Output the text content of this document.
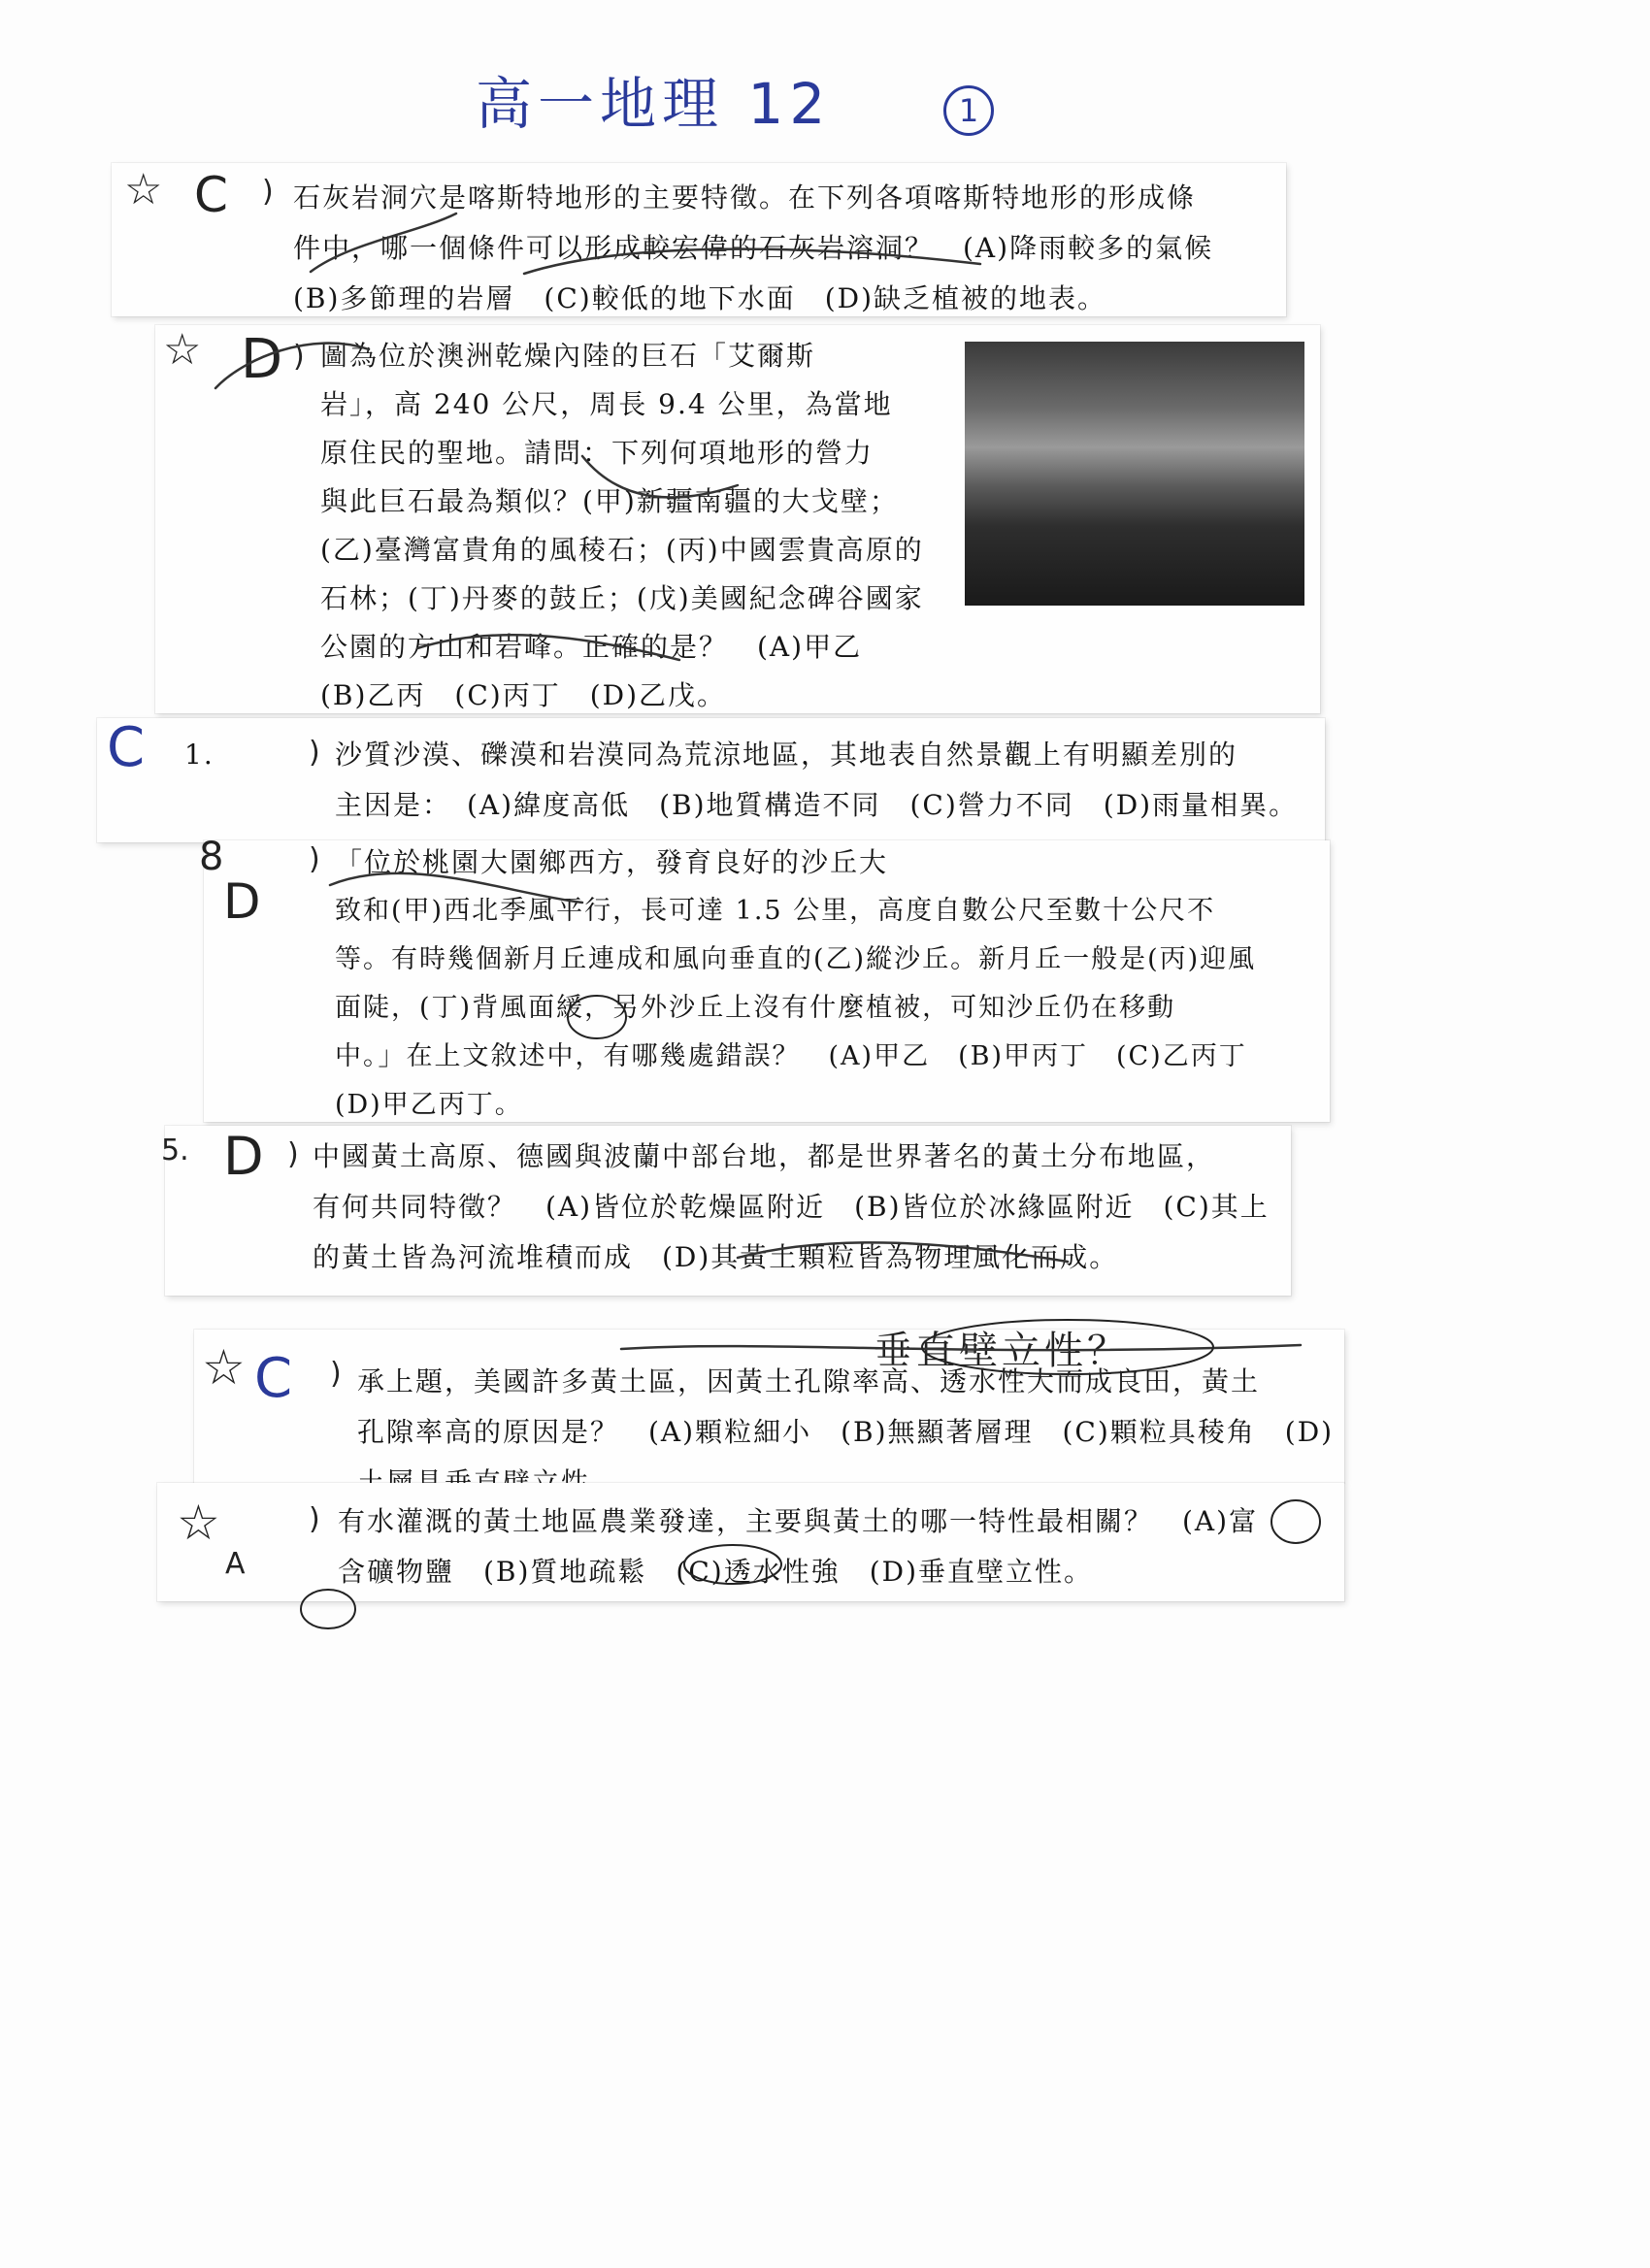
高一地理 12	1
☆ C ) 石灰岩洞穴是喀斯特地形的主要特徵。在下列各項喀斯特地形的形成條
件中，哪一個條件可以形成較宏偉的石灰岩溶洞？　(A)降雨較多的氣候
(B)多節理的岩層　(C)較低的地下水面　(D)缺乏植被的地表。
☆ D ) 圖為位於澳洲乾燥內陸的巨石「艾爾斯
岩」，高 240 公尺，周長 9.4 公里，為當地
原住民的聖地。請問：下列何項地形的營力
與此巨石最為類似？(甲)新疆南疆的大戈壁；
(乙)臺灣富貴角的風稜石；(丙)中國雲貴高原的
石林；(丁)丹麥的鼓丘；(戊)美國紀念碑谷國家
公園的方山和岩峰。正確的是？　(A)甲乙
(B)乙丙　(C)丙丁　(D)乙戊。
C 1.	) 沙質沙漠、礫漠和岩漠同為荒涼地區，其地表自然景觀上有明顯差別的
主因是：　(A)緯度高低　(B)地質構造不同　(C)營力不同　(D)雨量相異。
8
D
) 「位於桃園大園鄉西方，發育良好的沙丘大
致和(甲)西北季風平行，長可達 1.5 公里，高度自數公尺至數十公尺不
等。有時幾個新月丘連成和風向垂直的(乙)縱沙丘。新月丘一般是(丙)迎風
面陡，(丁)背風面緩，另外沙丘上沒有什麼植被，可知沙丘仍在移動
中。」在上文敘述中，有哪幾處錯誤？　(A)甲乙　(B)甲丙丁　(C)乙丙丁
(D)甲乙丙丁。
5. D ) 中國黃土高原、德國與波蘭中部台地，都是世界著名的黃土分布地區，
有何共同特徵？　(A)皆位於乾燥區附近　(B)皆位於冰緣區附近　(C)其上
的黃土皆為河流堆積而成　(D)其黃土顆粒皆為物理風化而成。
☆ C )
垂直壁立性？
承上題，美國許多黃土區，因黃土孔隙率高、透水性大而成良田，黃土
孔隙率高的原因是？　(A)顆粒細小　(B)無顯著層理　(C)顆粒具稜角　(D)
☆
A
) 有水灌溉的黃土地區農業發達，主要與黃土的哪一特性最相關？　(A)富
含礦物鹽　(B)質地疏鬆　(C)透水性強　(D)垂直壁立性。
